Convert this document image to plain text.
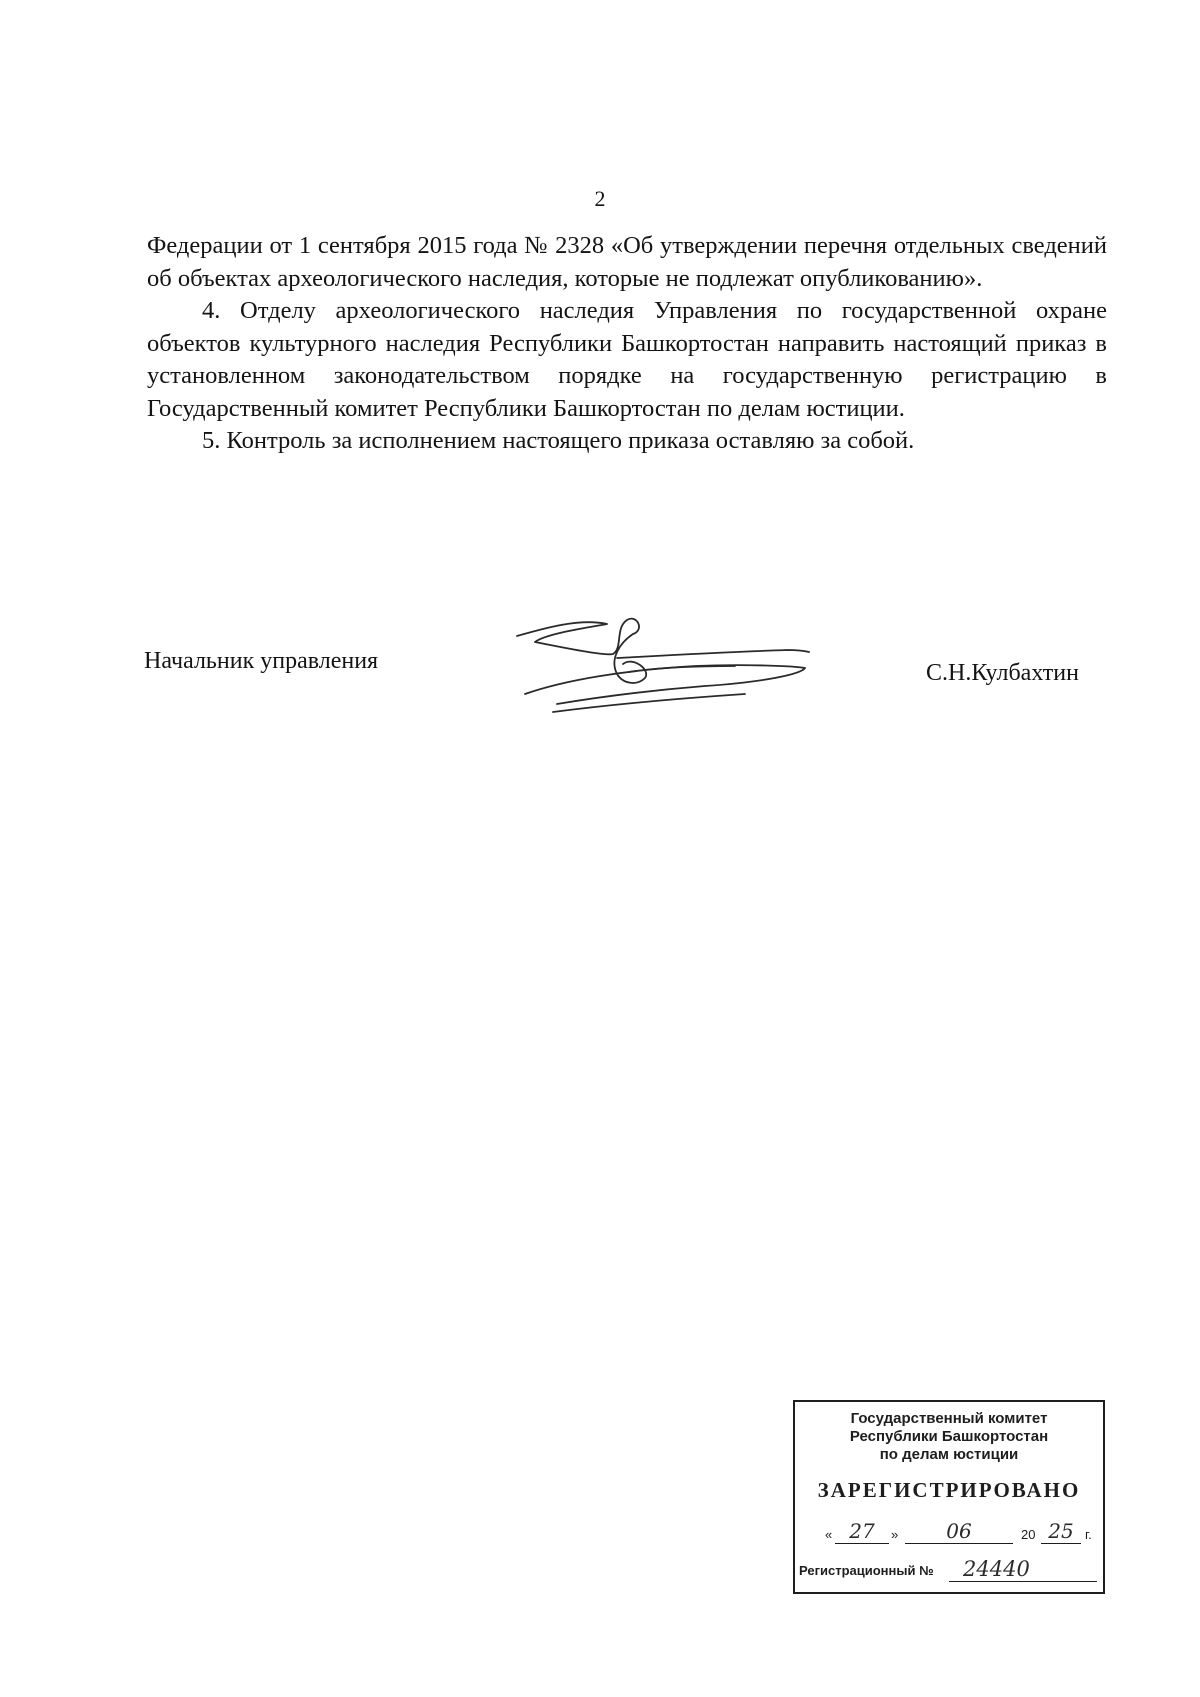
2

Федерации от 1 сентября 2015 года № 2328 «Об утверждении перечня отдельных сведений об объектах археологического наследия, которые не подлежат опубликованию».

4. Отделу археологического наследия Управления по государственной охране объектов культурного наследия Республики Башкортостан направить настоящий приказ в установленном законодательством порядке на государственную регистрацию в Государственный комитет Республики Башкортостан по делам юстиции.

5. Контроль за исполнением настоящего приказа оставляю за собой.

Начальник управления	С.Н.Кулбахтин
Государственный комитет
Республики Башкортостан
по делам юстиции
ЗАРЕГИСТРИРОВАНО
« 27	»	06	20 25 г.
Регистрационный №	24440
